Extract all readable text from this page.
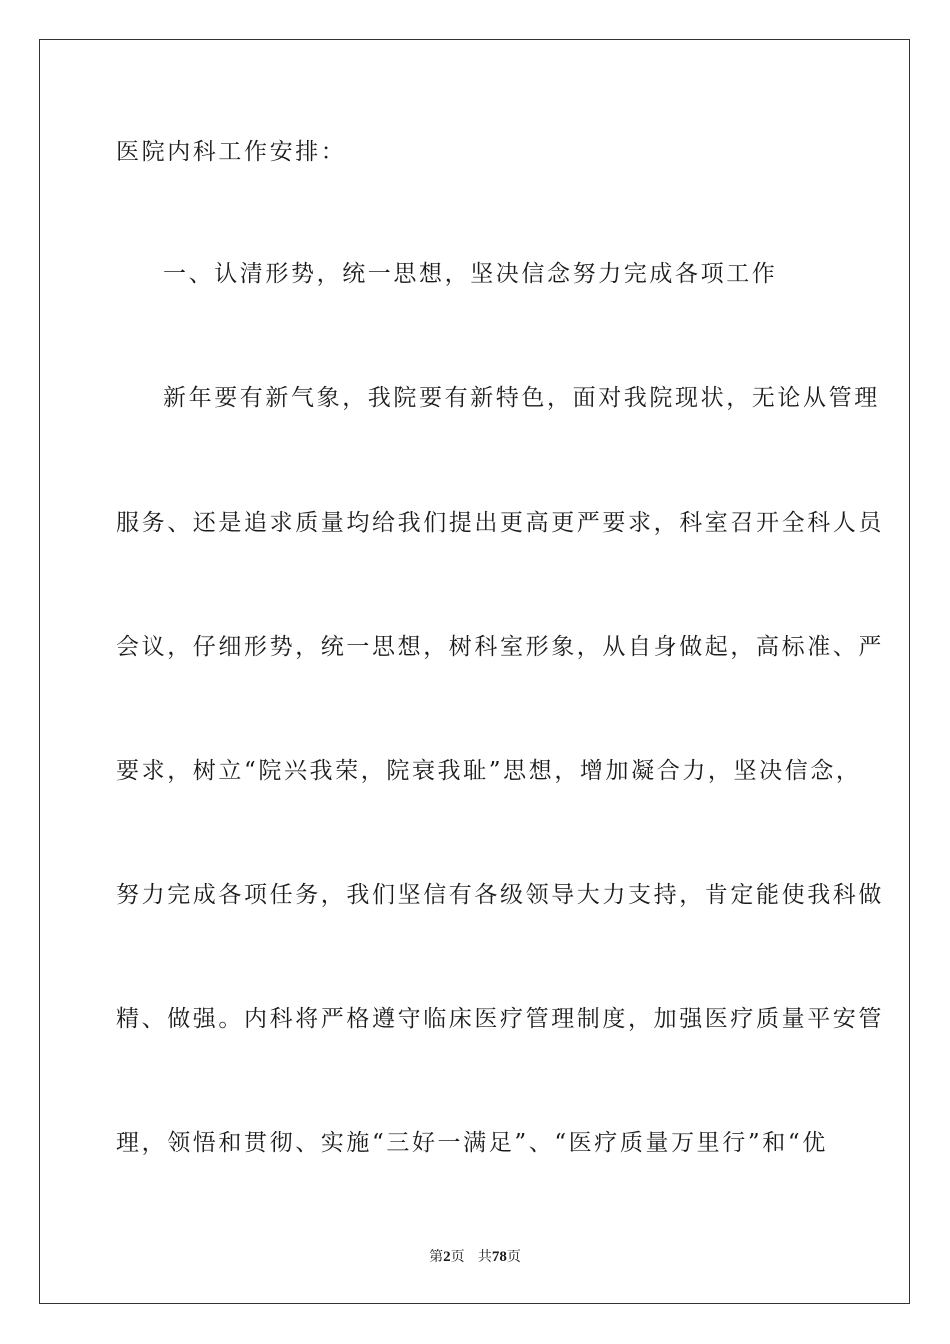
医院内科工作安排：
一、认清形势，统一思想，坚决信念努力完成各项工作
新年要有新气象，我院要有新特色，面对我院现状，无论从管理
服务、还是追求质量均给我们提出更高更严要求，科室召开全科人员
会议，仔细形势，统一思想，树科室形象，从自身做起，高标准、严
要求，树立“院兴我荣，院衰我耻”思想，增加凝合力，坚决信念，
努力完成各项任务，我们坚信有各级领导大力支持，肯定能使我科做
精、做强。内科将严格遵守临床医疗管理制度，加强医疗质量平安管
理，领悟和贯彻、实施“三好一满足”、“医疗质量万里行”和“优
第2页 共78页
